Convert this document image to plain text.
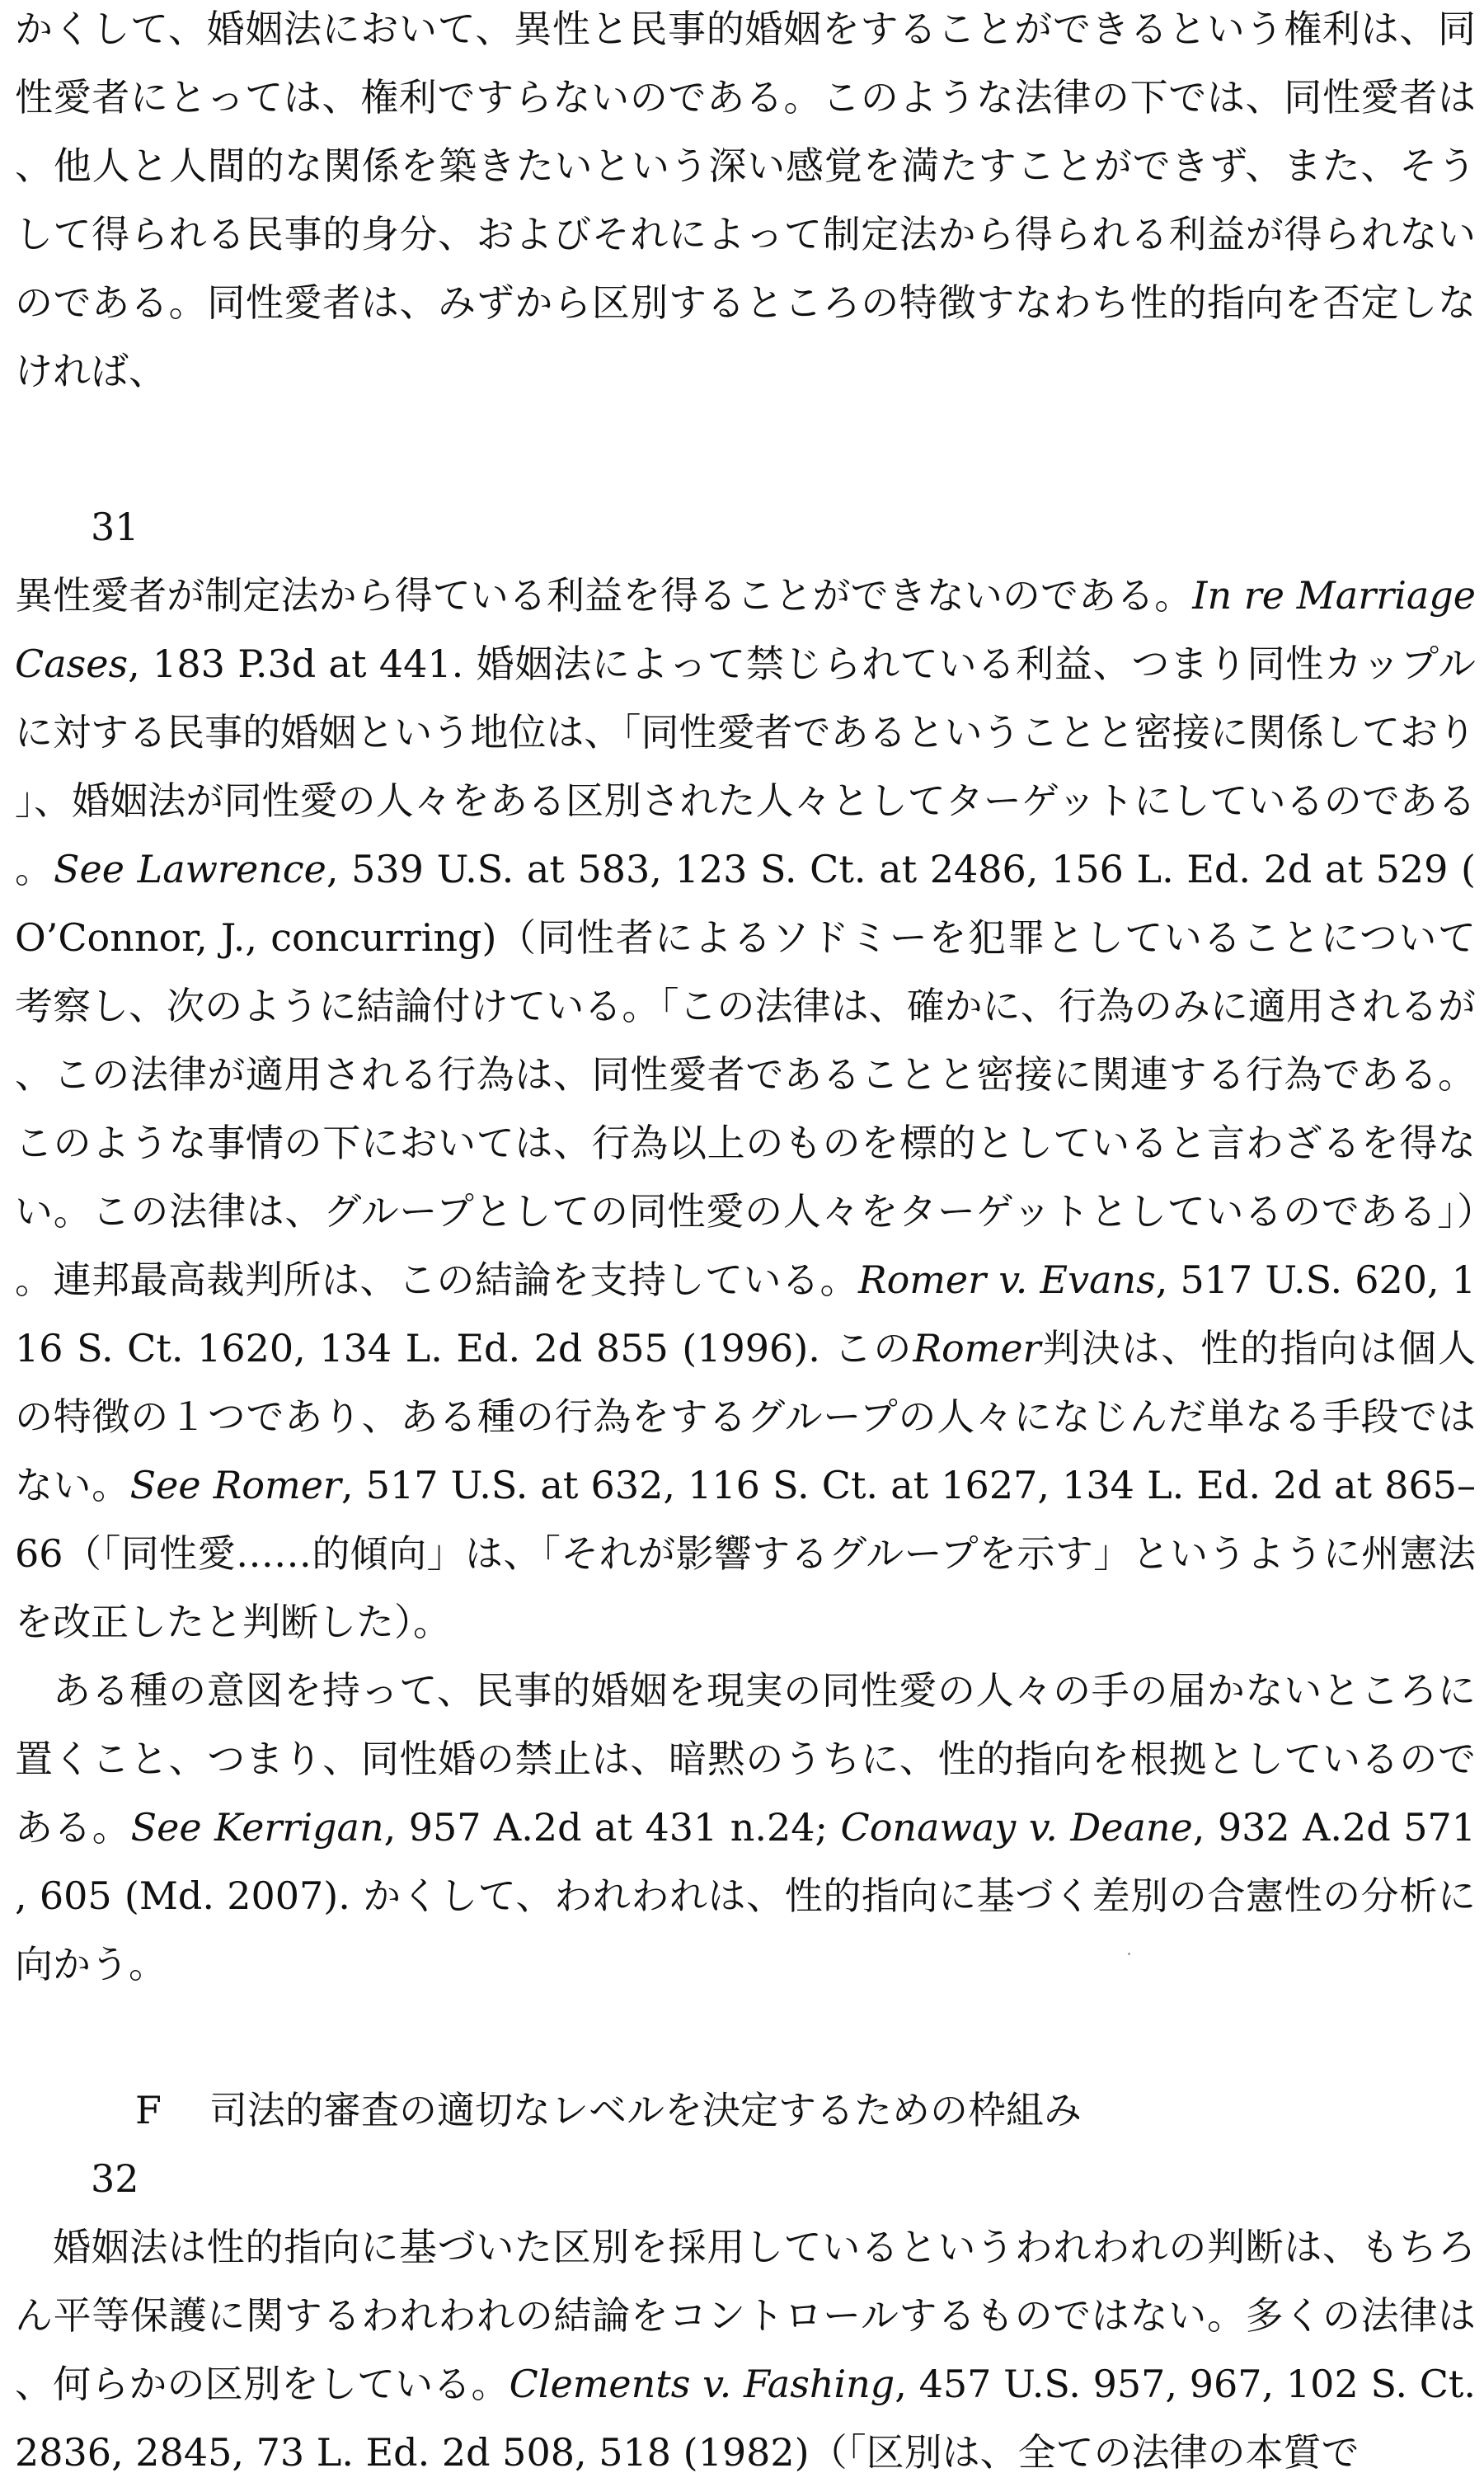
かくして、婚姻法において、異性と民事的婚姻をすることができるという権利は、同性愛者にとっては、権利ですらないのである。このような法律の下では、同性愛者は、他人と人間的な関係を築きたいという深い感覚を満たすことができず、また、そうして得られる民事的身分、およびそれによって制定法から得られる利益が得られないのである。同性愛者は、みずから区別するところの特徴すなわち性的指向を否定しなければ、

31

異性愛者が制定法から得ている利益を得ることができないのである。In re Marriage Cases, 183 P.3d at 441. 婚姻法によって禁じられている利益、つまり同性カップルに対する民事的婚姻という地位は、「同性愛者であるということと密接に関係しており」、婚姻法が同性愛の人々をある区別された人々としてターゲットにしているのである。See Lawrence, 539 U.S. at 583, 123 S. Ct. at 2486, 156 L. Ed. 2d at 529 (O’Connor, J., concurring)（同性者によるソドミーを犯罪としていることについて考察し、次のように結論付けている。「この法律は、確かに、行為のみに適用されるが、この法律が適用される行為は、同性愛者であることと密接に関連する行為である。このような事情の下においては、行為以上のものを標的としていると言わざるを得ない。この法律は、グループとしての同性愛の人々をターゲットとしているのである」）。連邦最高裁判所は、この結論を支持している。Romer v. Evans, 517 U.S. 620, 116 S. Ct. 1620, 134 L. Ed. 2d 855 (1996). このRomer判決は、性的指向は個人の特徴の１つであり、ある種の行為をするグループの人々になじんだ単なる手段ではない。See Romer, 517 U.S. at 632, 116 S. Ct. at 1627, 134 L. Ed. 2d at 865–66（「同性愛……的傾向」は、「それが影響するグループを示す」というように州憲法を改正したと判断した）。

ある種の意図を持って、民事的婚姻を現実の同性愛の人々の手の届かないところに置くこと、つまり、同性婚の禁止は、暗黙のうちに、性的指向を根拠としているのである。See Kerrigan, 957 A.2d at 431 n.24; Conaway v. Deane, 932 A.2d 571, 605 (Md. 2007). かくして、われわれは、性的指向に基づく差別の合憲性の分析に向かう。

F 司法的審査の適切なレベルを決定するための枠組み

32

婚姻法は性的指向に基づいた区別を採用しているというわれわれの判断は、もちろん平等保護に関するわれわれの結論をコントロールするものではない。多くの法律は、何らかの区別をしている。Clements v. Fashing, 457 U.S. 957, 967, 102 S. Ct. 2836, 2845, 73 L. Ed. 2d 508, 518 (1982)（「区別は、全ての法律の本質で
